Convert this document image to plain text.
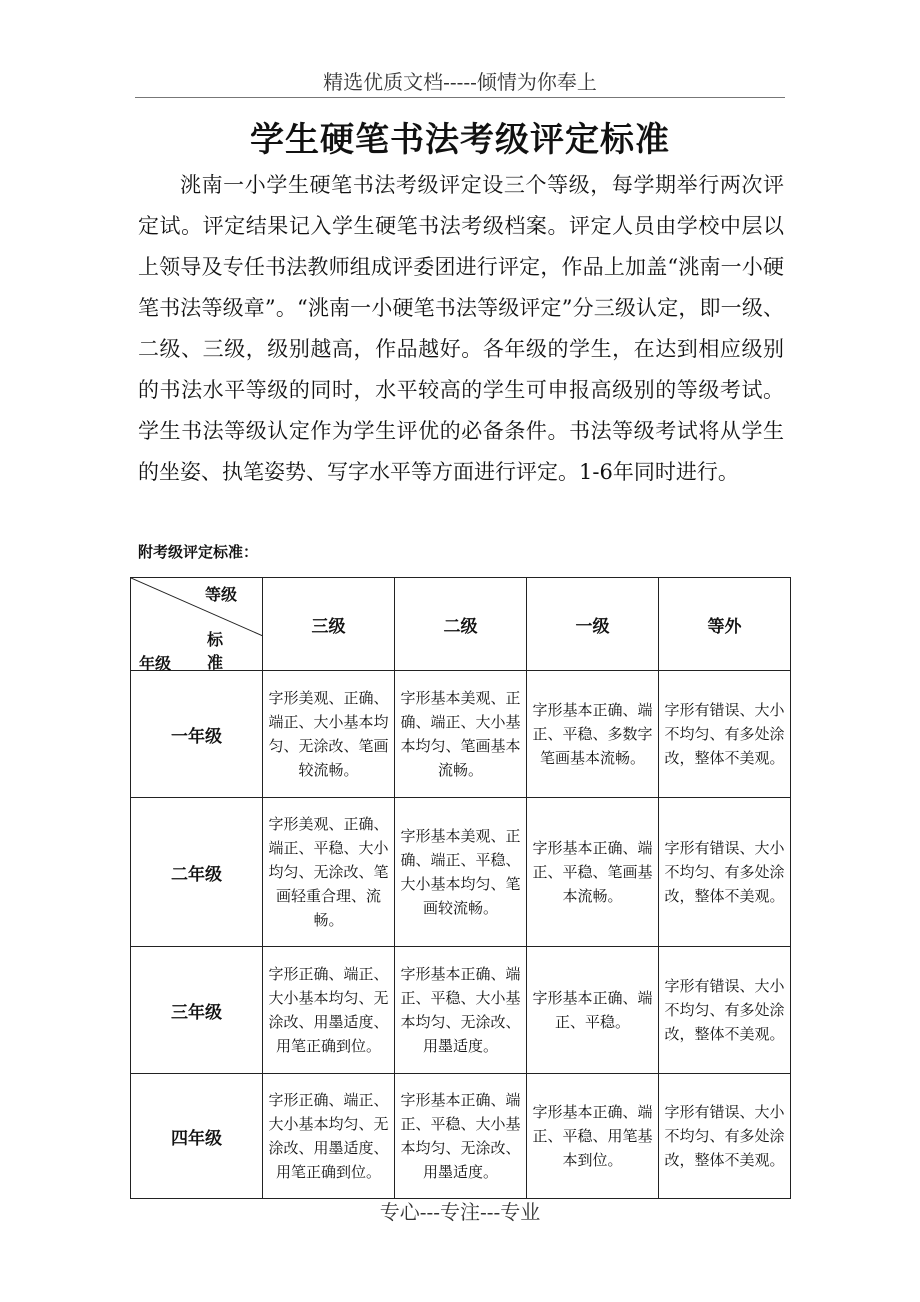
精选优质文档-----倾情为你奉上
学生硬笔书法考级评定标准
洮南一小学生硬笔书法考级评定设三个等级，每学期举行两次评定试。评定结果记入学生硬笔书法考级档案。评定人员由学校中层以上领导及专任书法教师组成评委团进行评定，作品上加盖“洮南一小硬笔书法等级章”。“洮南一小硬笔书法等级评定”分三级认定，即一级、二级、三级，级别越高，作品越好。各年级的学生，在达到相应级别的书法水平等级的同时，水平较高的学生可申报高级别的等级考试。学生书法等级认定作为学生评优的必备条件。书法等级考试将从学生的坐姿、执笔姿势、写字水平等方面进行评定。1-6年同时进行。
附考级评定标准：
等级
标准
年级	三级	二级	一级	等外
一年级	字形美观、正确、端正、大小基本均匀、无涂改、笔画较流畅。	字形基本美观、正确、端正、大小基本均匀、笔画基本流畅。	字形基本正确、端正、平稳、多数字笔画基本流畅。	字形有错误、大小不均匀、有多处涂改，整体不美观。
二年级	字形美观、正确、端正、平稳、大小均匀、无涂改、笔画轻重合理、流畅。	字形基本美观、正确、端正、平稳、大小基本均匀、笔画较流畅。	字形基本正确、端正、平稳、笔画基本流畅。	字形有错误、大小不均匀、有多处涂改，整体不美观。
三年级	字形正确、端正、大小基本均匀、无涂改、用墨适度、用笔正确到位。	字形基本正确、端正、平稳、大小基本均匀、无涂改、用墨适度。	字形基本正确、端正、平稳。	字形有错误、大小不均匀、有多处涂改，整体不美观。
四年级	字形正确、端正、大小基本均匀、无涂改、用墨适度、用笔正确到位。	字形基本正确、端正、平稳、大小基本均匀、无涂改、用墨适度。	字形基本正确、端正、平稳、用笔基本到位。	字形有错误、大小不均匀、有多处涂改，整体不美观。
专心---专注---专业
